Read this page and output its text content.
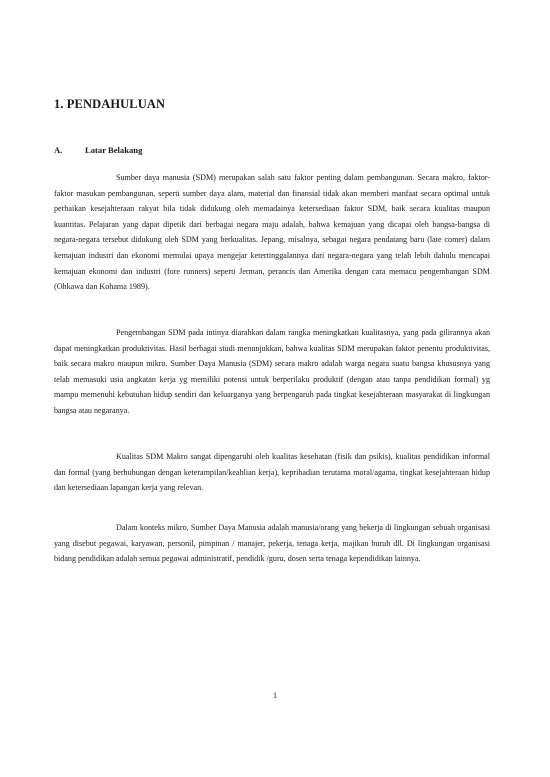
1. PENDAHULUAN
A.	Latar Belakang

Sumber daya manusia (SDM) merupakan salah satu faktor penting dalam pembangunan. Secara makro, faktor-faktor masukan pembangunan, seperti sumber daya alam, material dan finansial tidak akan memberi manfaat secara optimal untuk perbaikan kesejahteraan rakyat bila tidak didukung oleh memadainya ketersediaan faktor SDM, baik secara kualitas maupun kuantitas. Pelajaran yang dapat dipetik dari berbagai negara maju adalah, bahwa kemajuan yang dicapai oleh bangsa-bangsa di negara-negara tersebut didukung oleh SDM yang berkualitas. Jepang, misalnya, sebagai negara pendatang baru (late comer) dalam kemajuan industri dan ekonomi memulai upaya mengejar ketertinggalannya dari negara-negara yang telah lebih dahulu mencapai kemajuan ekonomi dan industri (fore runners) seperti Jerman, perancis dan Amerika dengan cara memacu pengembangan SDM (Ohkawa dan Kohama 1989).

Pengembangan SDM pada intinya diarahkan dalam rangka meningkatkan kualitasnya, yang pada gilirannya akan dapat meningkatkan produktivitas. Hasil berbagai studi menunjukkan, bahwa kualitas SDM merupakan faktor penentu produktivitas, baik secara makro maupun mikro. Sumber Daya Manusia (SDM) secara makro adalah warga negara suatu bangsa khususnya yang telah memasuki usia angkatan kerja yg memiliki potensi untuk berperilaku produktif (dengan atau tanpa pendidikan formal) yg mampu memenuhi kebutuhan hidup sendiri dan keluarganya yang berpengaruh pada tingkat kesejahteraan masyarakat di lingkungan bangsa atau negaranya.

Kualitas SDM Makro sangat dipengaruhi oleh kualitas kesehatan (fisik dan psikis), kualitas pendidikan informal dan formal (yang berhubungan dengan keterampilan/keahlian kerja), kepribadian terutama moral/agama, tingkat kesejahteraan hidup dan ketersediaan lapangan kerja yang relevan.

Dalam konteks mikro, Sumber Daya Manusia adalah manusia/orang yang bekerja di lingkungan sebuah organisasi yang disebut pegawai, karyawan, personil, pimpinan / manajer, pekerja, tenaga kerja, majikan buruh dll. Di lingkungan organisasi bidang pendidikan adalah semua pegawai administratif, pendidik /guru, dosen serta tenaga kependidikan lainnya.

1
